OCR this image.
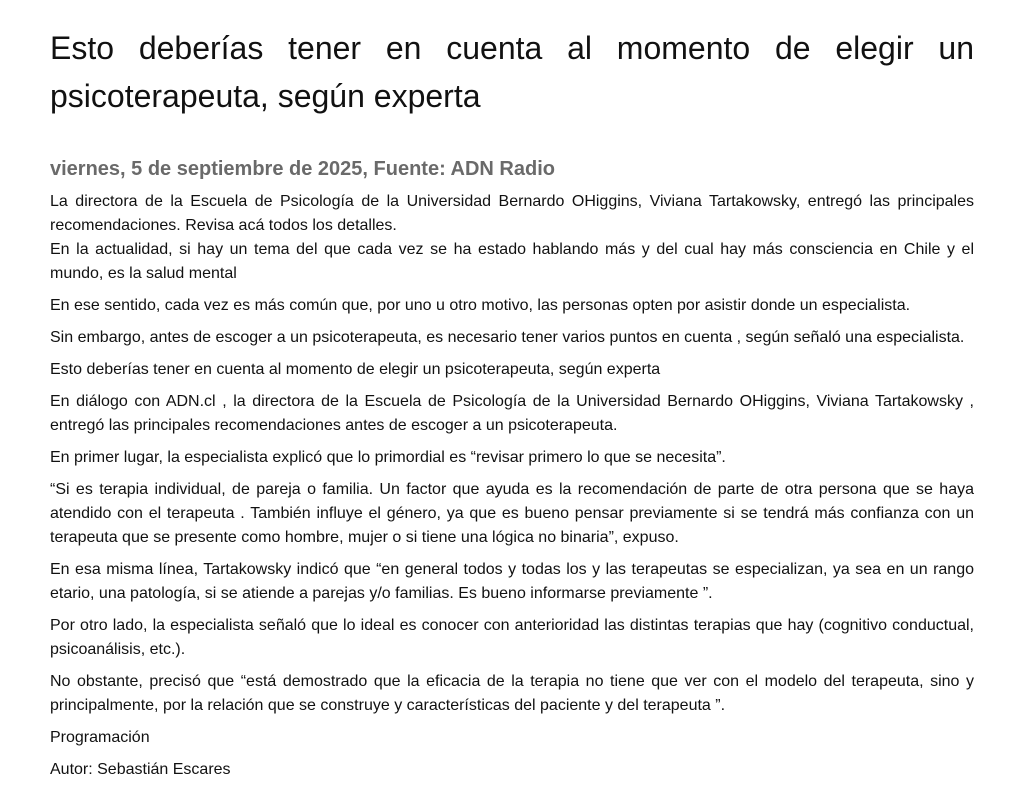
Esto deberías tener en cuenta al momento de elegir un psicoterapeuta, según experta
viernes, 5 de septiembre de 2025, Fuente: ADN Radio

La directora de la Escuela de Psicología de la Universidad Bernardo OHiggins, Viviana Tartakowsky, entregó las principales recomendaciones. Revisa acá todos los detalles.

En la actualidad, si hay un tema del que cada vez se ha estado hablando más y del cual hay más consciencia en Chile y el mundo, es la salud mental

En ese sentido, cada vez es más común que, por uno u otro motivo, las personas opten por asistir donde un especialista.

Sin embargo, antes de escoger a un psicoterapeuta, es necesario tener varios puntos en cuenta , según señaló una especialista.

Esto deberías tener en cuenta al momento de elegir un psicoterapeuta, según experta

En diálogo con ADN.cl , la directora de la Escuela de Psicología de la Universidad Bernardo OHiggins, Viviana Tartakowsky , entregó las principales recomendaciones antes de escoger a un psicoterapeuta.

En primer lugar, la especialista explicó que lo primordial es “revisar primero lo que se necesita”.

“Si es terapia individual, de pareja o familia. Un factor que ayuda es la recomendación de parte de otra persona que se haya atendido con el terapeuta . También influye el género, ya que es bueno pensar previamente si se tendrá más confianza con un terapeuta que se presente como hombre, mujer o si tiene una lógica no binaria”, expuso.

En esa misma línea, Tartakowsky indicó que “en general todos y todas los y las terapeutas se especializan, ya sea en un rango etario, una patología, si se atiende a parejas y/o familias. Es bueno informarse previamente ”.

Por otro lado, la especialista señaló que lo ideal es conocer con anterioridad las distintas terapias que hay (cognitivo conductual, psicoanálisis, etc.).

No obstante, precisó que “está demostrado que la eficacia de la terapia no tiene que ver con el modelo del terapeuta, sino y principalmente, por la relación que se construye y características del paciente y del terapeuta ”.

Programación

Autor: Sebastián Escares
